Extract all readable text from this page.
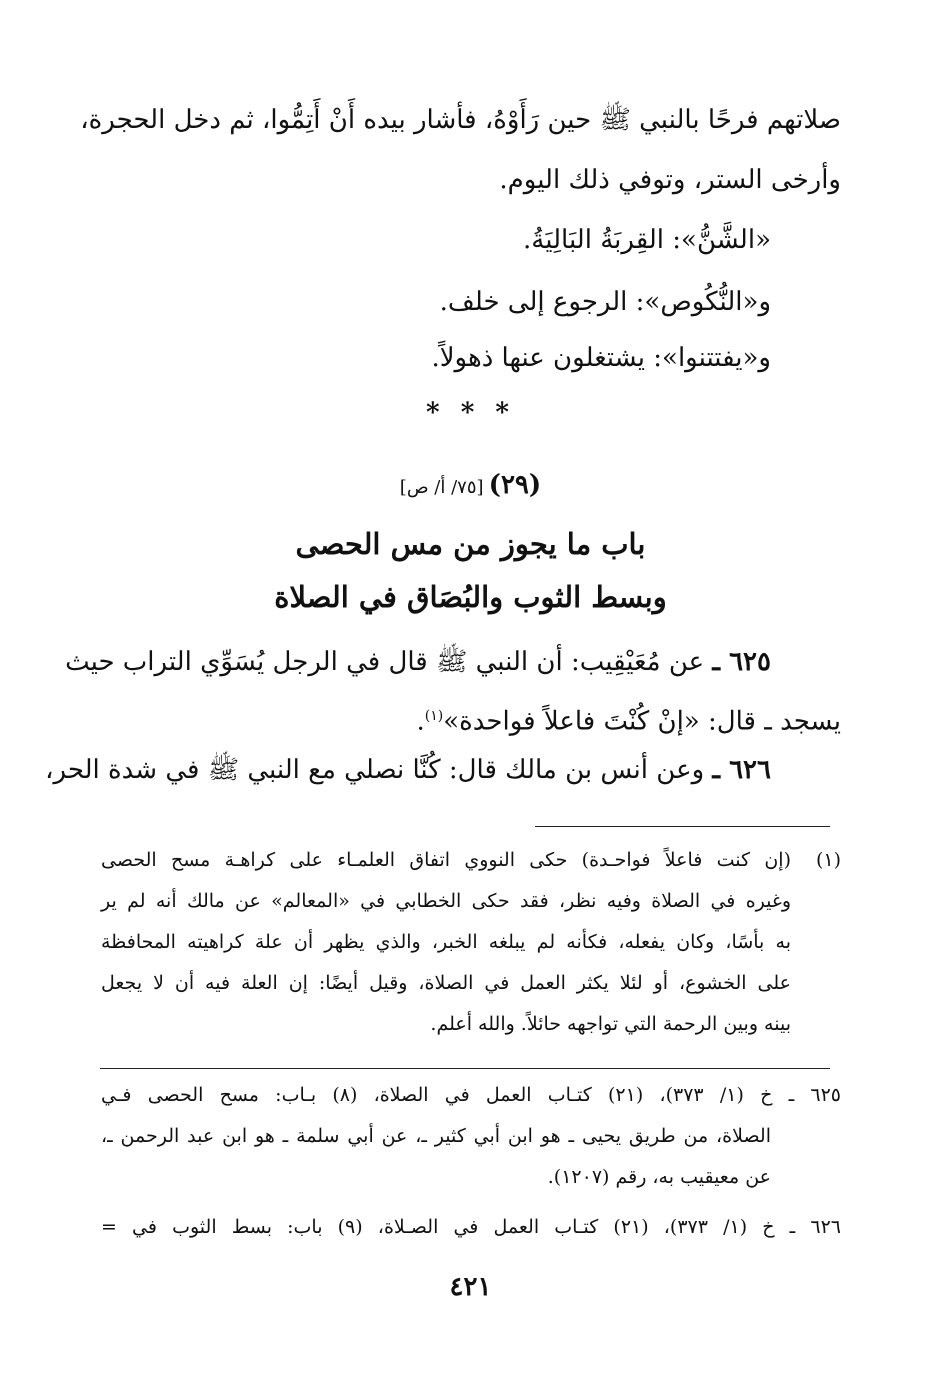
صلاتهم فرحًا بالنبي ﷺ حين رَأَوْهُ، فأشار بيده أَنْ أَتِمُّوا، ثم دخل الحجرة،
وأرخى الستر، وتوفي ذلك اليوم.
«الشَّنُّ»: القِربَةُ البَالِيَةُ.
و«النُّكُوص»: الرجوع إلى خلف.
و«يفتتنوا»: يشتغلون عنها ذهولاً.
* * *
(٢٩) [٧٥/ أ/ ص]
باب ما يجوز من مس الحصى
وبسط الثوب والبُصَاق في الصلاة
٦٢٥ ـ عن مُعَيْقِيب: أن النبي ﷺ قال في الرجل يُسَوِّي التراب حيث
يسجد ـ قال: «إنْ كُنْتَ فاعلاً فواحدة»$^{(١)}$.
٦٢٦ ـ وعن أنس بن مالك قال: كُنَّا نصلي مع النبي ﷺ في شدة الحر،
(١)
(إن كنت فاعلاً فواحـدة) حكى النووي اتفاق العلمـاء على كراهـة مسح الحصى
وغيره في الصلاة وفيه نظر، فقد حكى الخطابي في «المعالم» عن مالك أنه لم ير
به بأسًا، وكان يفعله، فكأنه لم يبلغه الخبر، والذي يظهر أن علة كراهيته المحافظة
على الخشوع، أو لئلا يكثر العمل في الصلاة، وقيل أيضًا: إن العلة فيه أن لا يجعل
بينه وبين الرحمة التي تواجهه حائلاً. والله أعلم.
٦٢٥ ـ خ (١/ ٣٧٣)، (٢١) كتـاب العمل في الصلاة، (٨) بـاب: مسح الحصى فـي
الصلاة، من طريق يحيى ـ هو ابن أبي كثير ـ، عن أبي سلمة ـ هو ابن عبد الرحمن ـ،
عن معيقيب به، رقم (١٢٠٧).
٦٢٦ ـ خ (١/ ٣٧٣)، (٢١) كتـاب العمل في الصـلاة، (٩) باب: بسط الثوب في =
٤٢١
